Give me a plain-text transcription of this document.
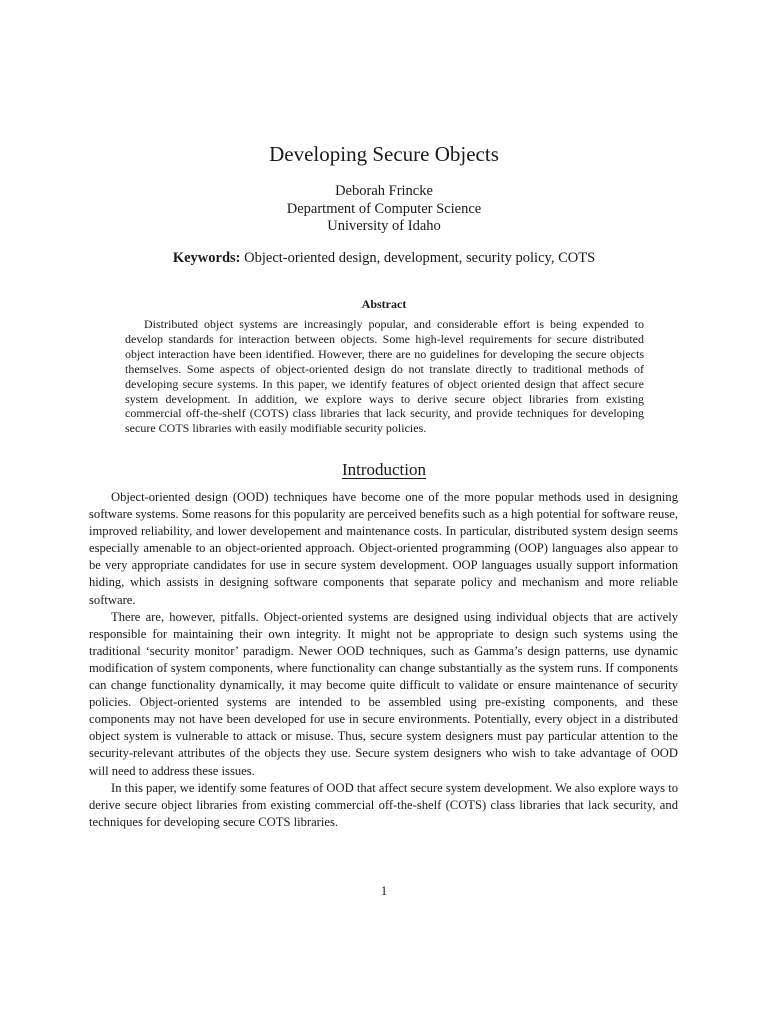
Developing Secure Objects
Deborah Frincke
Department of Computer Science
University of Idaho
Keywords: Object-oriented design, development, security policy, COTS
Abstract

Distributed object systems are increasingly popular, and considerable effort is being expended to develop standards for interaction between objects. Some high-level requirements for secure distributed object interaction have been identified. However, there are no guidelines for developing the secure objects themselves. Some aspects of object-oriented design do not translate directly to traditional methods of developing secure systems. In this paper, we identify features of object oriented design that affect secure system development. In addition, we explore ways to derive secure object libraries from existing commercial off-the-shelf (COTS) class libraries that lack security, and provide techniques for developing secure COTS libraries with easily modifiable security policies.

Introduction

Object-oriented design (OOD) techniques have become one of the more popular methods used in designing software systems. Some reasons for this popularity are perceived benefits such as a high potential for software reuse, improved reliability, and lower developement and maintenance costs. In particular, distributed system design seems especially amenable to an object-oriented approach. Object-oriented programming (OOP) languages also appear to be very appropriate candidates for use in secure system development. OOP languages usually support information hiding, which assists in designing software components that separate policy and mechanism and more reliable software.

There are, however, pitfalls. Object-oriented systems are designed using individual objects that are actively responsible for maintaining their own integrity. It might not be appropriate to design such systems using the traditional ‘security monitor’ paradigm. Newer OOD techniques, such as Gamma’s design patterns, use dynamic modification of system components, where functionality can change substantially as the system runs. If components can change functionality dynamically, it may become quite difficult to validate or ensure maintenance of security policies. Object-oriented systems are intended to be assembled using pre-existing components, and these components may not have been developed for use in secure environments. Potentially, every object in a distributed object system is vulnerable to attack or misuse. Thus, secure system designers must pay particular attention to the security-relevant attributes of the objects they use. Secure system designers who wish to take advantage of OOD will need to address these issues.

In this paper, we identify some features of OOD that affect secure system development. We also explore ways to derive secure object libraries from existing commercial off-the-shelf (COTS) class libraries that lack security, and techniques for developing secure COTS libraries.

1
